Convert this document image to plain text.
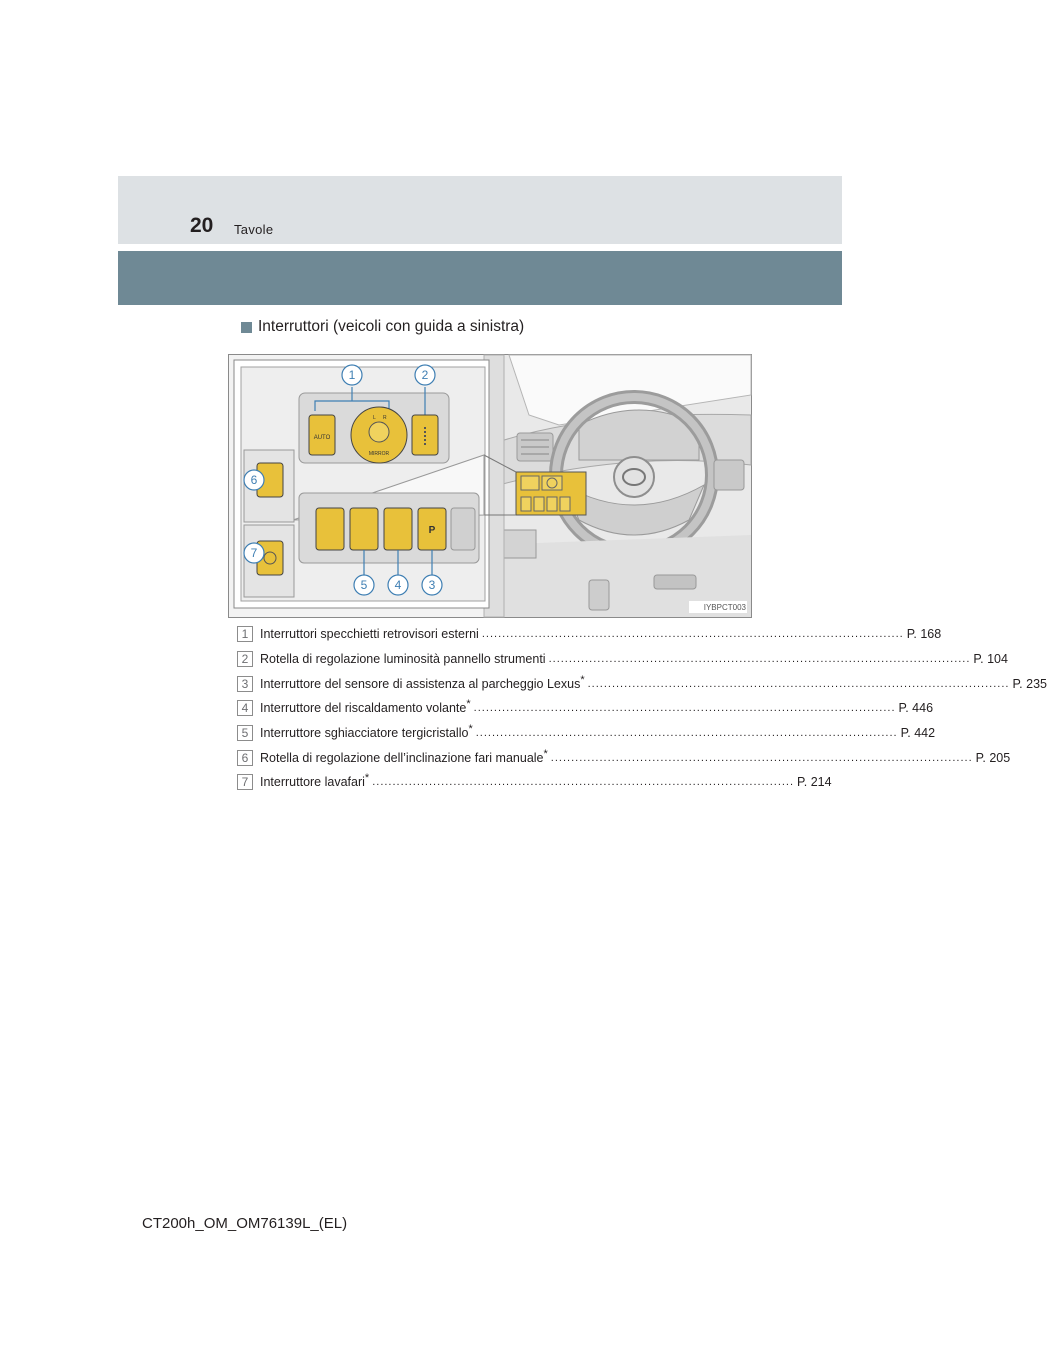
20 Tavole
Interruttori (veicoli con guida a sinistra)
AUTO
MIRROR
L R
P
1	2
3
4
5
6
7
IYBPCT003
1 Interruttori specchietti retrovisori esterni ........................................................................................................ P. 168
2 Rotella di regolazione luminosità pannello strumenti ........................................................................................................ P. 104
3 Interruttore del sensore di assistenza al parcheggio Lexus* ........................................................................................................ P. 235
4 Interruttore del riscaldamento volante* ........................................................................................................ P. 446
5 Interruttore sghiacciatore tergicristallo* ........................................................................................................ P. 442
6 Rotella di regolazione dell’inclinazione fari manuale* ........................................................................................................ P. 205
7 Interruttore lavafari* ........................................................................................................ P. 214
CT200h_OM_OM76139L_(EL)
